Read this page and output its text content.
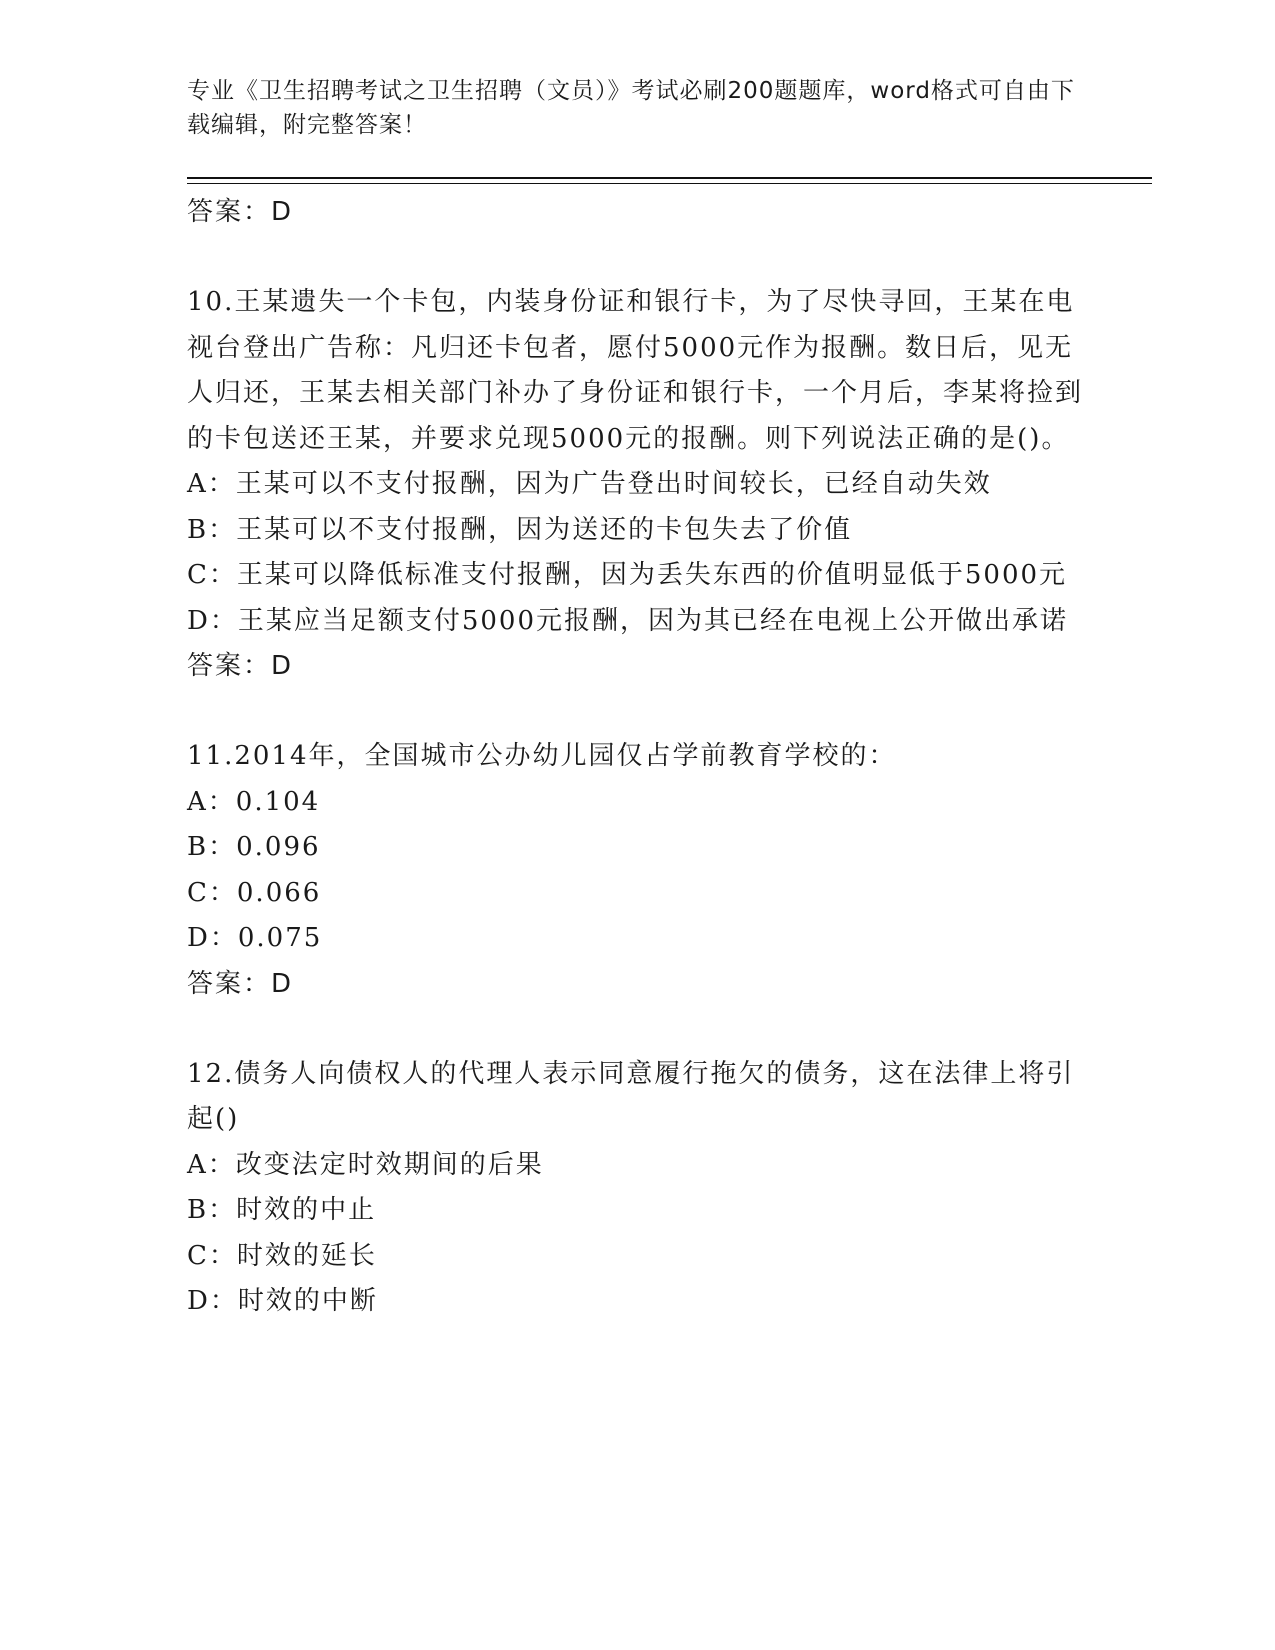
专业《卫生招聘考试之卫生招聘（文员）》考试必刷200题题库，word格式可自由下载编辑，附完整答案！
答案：D
10.王某遗失一个卡包，内装身份证和银行卡，为了尽快寻回，王某在电视台登出广告称：凡归还卡包者，愿付5000元作为报酬。数日后，见无人归还，王某去相关部门补办了身份证和银行卡，一个月后，李某将捡到的卡包送还王某，并要求兑现5000元的报酬。则下列说法正确的是()。
A：王某可以不支付报酬，因为广告登出时间较长，已经自动失效
B：王某可以不支付报酬，因为送还的卡包失去了价值
C：王某可以降低标准支付报酬，因为丢失东西的价值明显低于5000元
D：王某应当足额支付5000元报酬，因为其已经在电视上公开做出承诺
答案：D
11.2014年，全国城市公办幼儿园仅占学前教育学校的：
A：0.104
B：0.096
C：0.066
D：0.075
答案：D
12.债务人向债权人的代理人表示同意履行拖欠的债务，这在法律上将引起()
A：改变法定时效期间的后果
B：时效的中止
C：时效的延长
D：时效的中断
